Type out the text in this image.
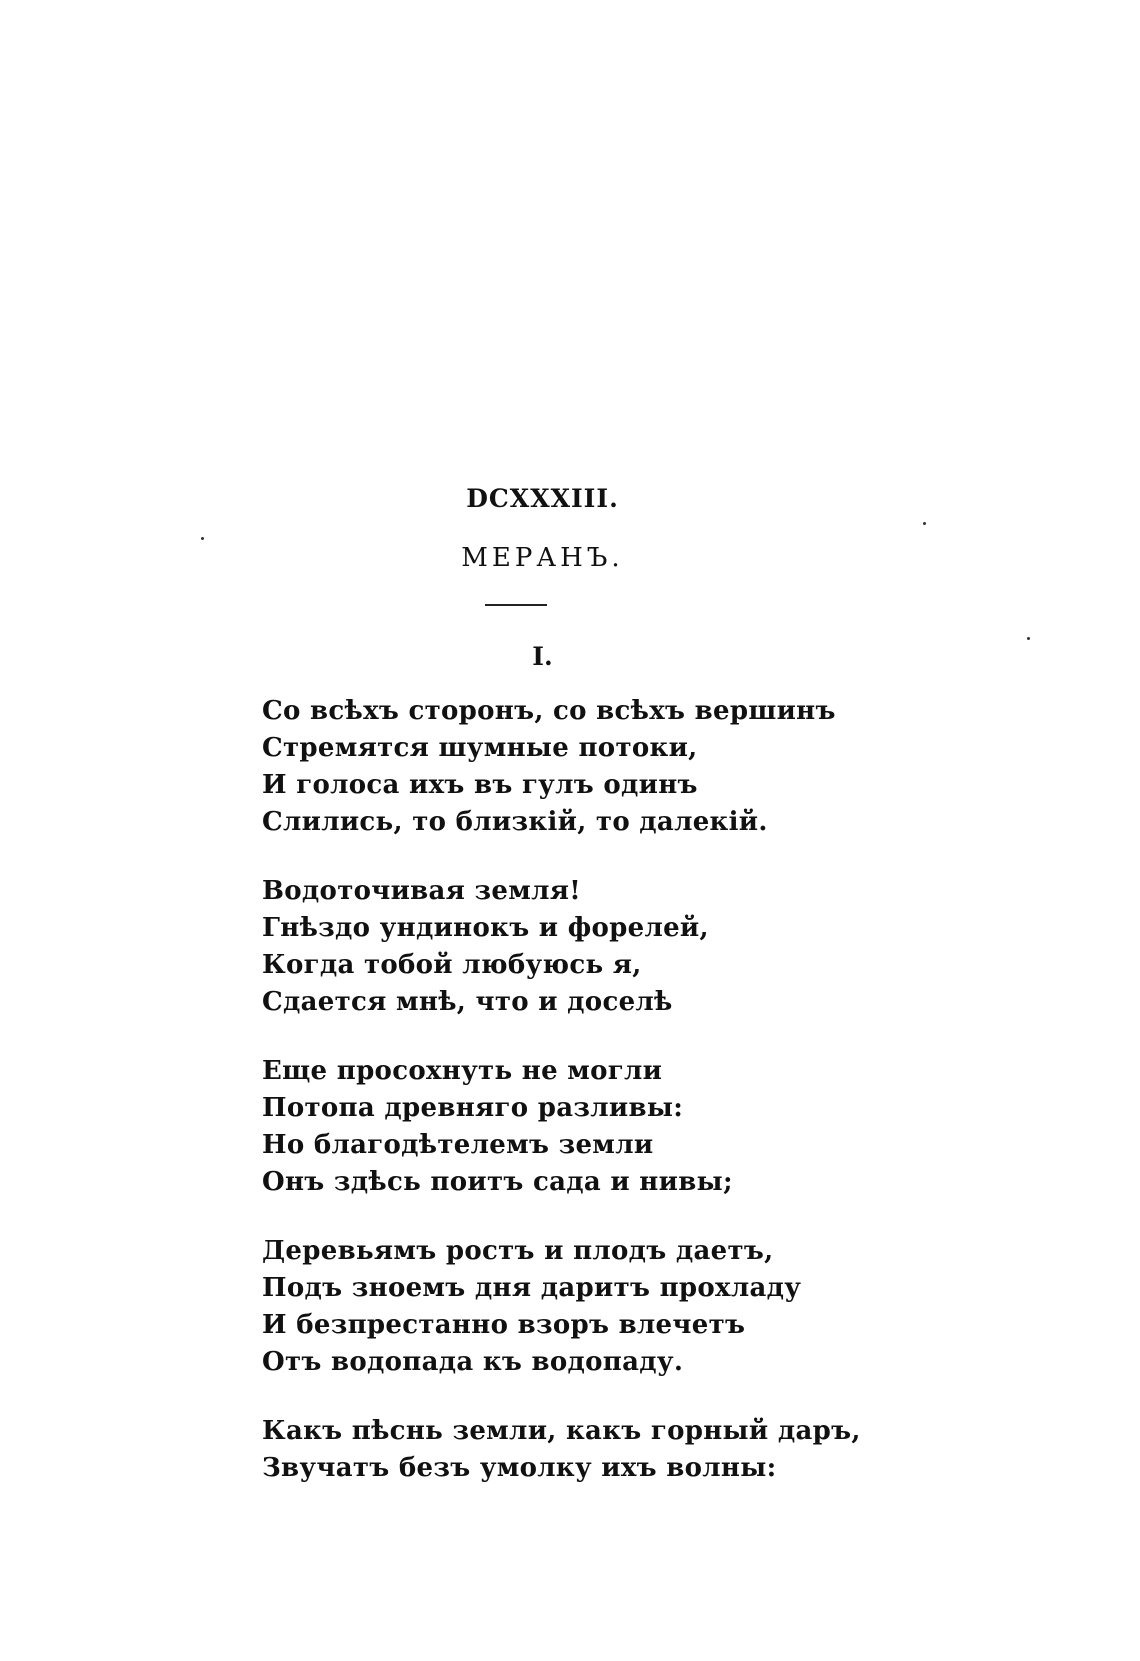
DCXXXIII.
МЕРАНЪ.
I.
Со всѣхъ сторонъ, со всѣхъ вершинъ
Стремятся шумные потоки,
И голоса ихъ въ гулъ одинъ
Слились, то близкій, то далекій.
Водоточивая земля!
Гнѣздо ундинокъ и форелей,
Когда тобой любуюсь я,
Сдается мнѣ, что и доселѣ
Еще просохнуть не могли
Потопа древняго разливы:
Но благодѣтелемъ земли
Онъ здѣсь поитъ сада и нивы;
Деревьямъ ростъ и плодъ даетъ,
Подъ зноемъ дня даритъ прохладу
И безпрестанно взоръ влечетъ
Отъ водопада къ водопаду.
Какъ пѣснь земли, какъ горный даръ,
Звучатъ безъ умолку ихъ волны:
